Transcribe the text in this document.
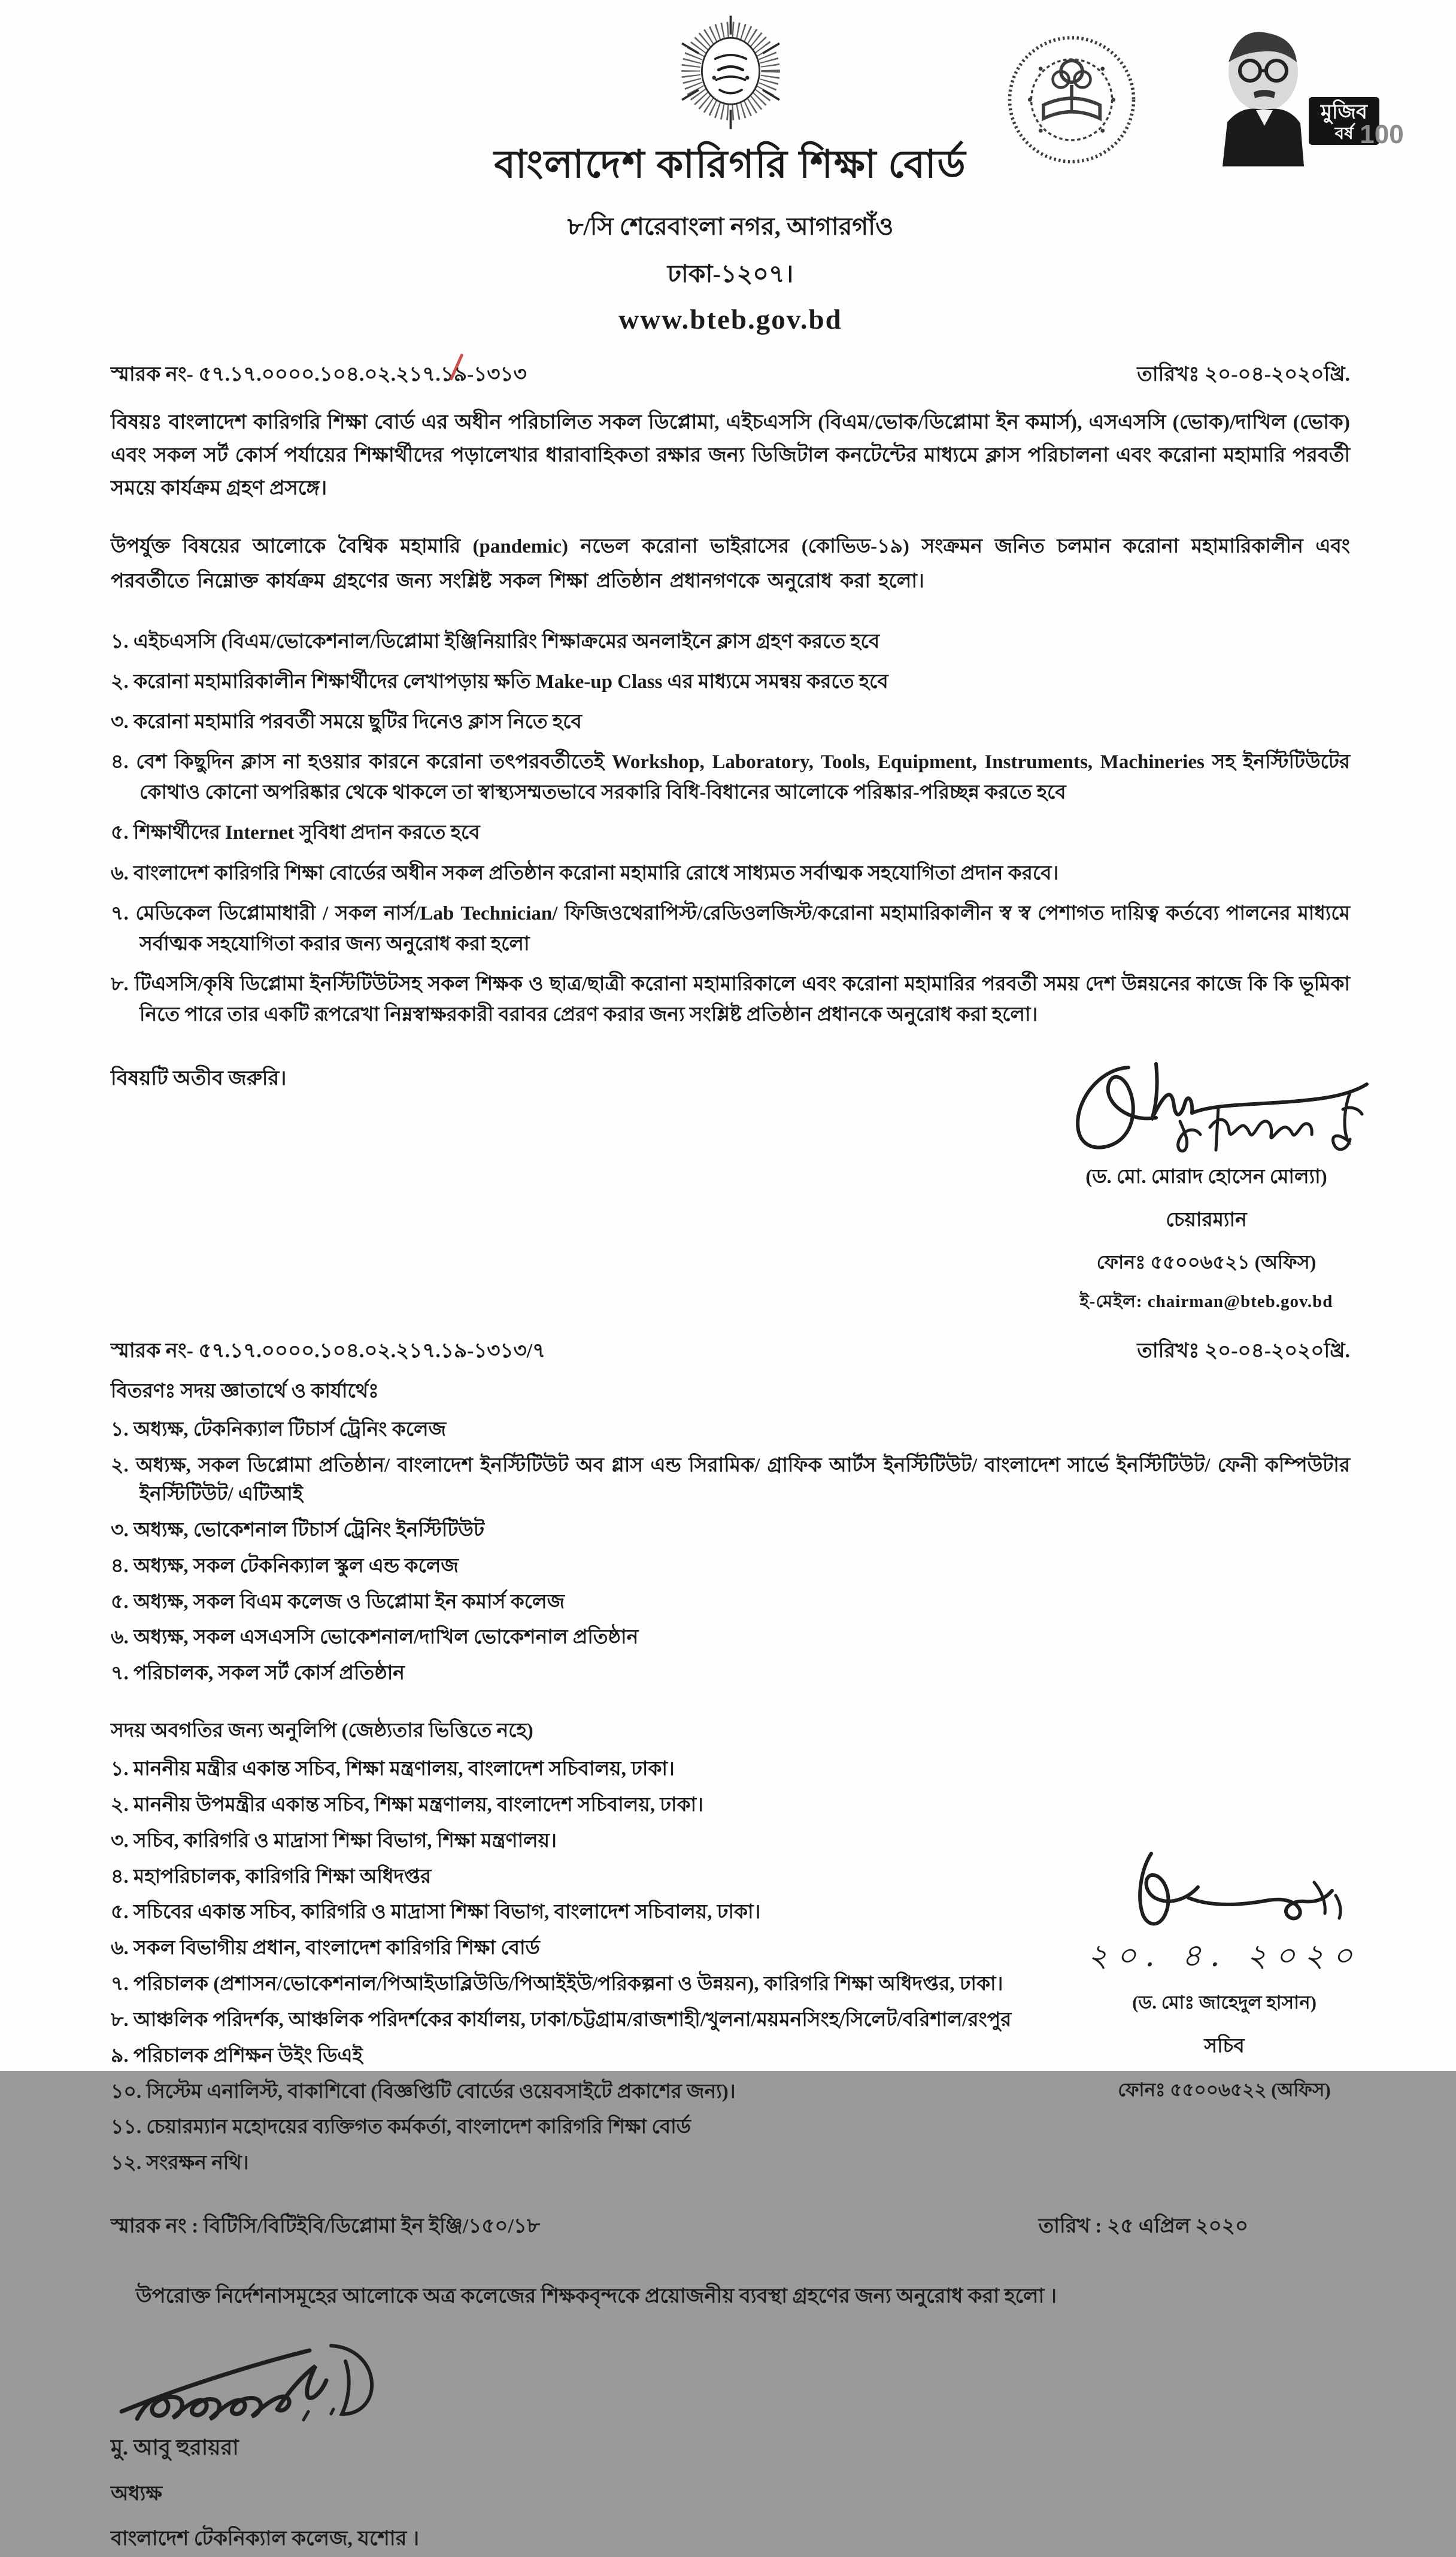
বাংলাদেশ কারিগরি শিক্ষা বোর্ড
৮/সি শেরেবাংলা নগর, আগারগাঁও
ঢাকা-১২০৭।
www.bteb.gov.bd
মুজিব
বর্ষ 100
স্মারক নং- ৫৭.১৭.০০০০.১০৪.০২.২১৭.১৯-১৩১৩	তারিখঃ ২০-০৪-২০২০খ্রি.
বিষয়ঃ বাংলাদেশ কারিগরি শিক্ষা বোর্ড এর অধীন পরিচালিত সকল ডিপ্লোমা, এইচএসসি (বিএম/ভোক/ডিপ্লোমা ইন কমার্স), এসএসসি (ভোক)/দাখিল (ভোক) এবং সকল সর্ট কোর্স পর্যায়ের শিক্ষার্থীদের পড়ালেখার ধারাবাহিকতা রক্ষার জন্য ডিজিটাল কনটেন্টের মাধ্যমে ক্লাস পরিচালনা এবং করোনা মহামারি পরবর্তী সময়ে কার্যক্রম গ্রহণ প্রসঙ্গে।
উপর্যুক্ত বিষয়ের আলোকে বৈশ্বিক মহামারি (pandemic) নভেল করোনা ভাইরাসের (কোভিড-১৯) সংক্রমন জনিত চলমান করোনা মহামারিকালীন এবং পরবর্তীতে নিম্নোক্ত কার্যক্রম গ্রহণের জন্য সংশ্লিষ্ট সকল শিক্ষা প্রতিষ্ঠান প্রধানগণকে অনুরোধ করা হলো।
১. এইচএসসি (বিএম/ভোকেশনাল/ডিপ্লোমা ইঞ্জিনিয়ারিং শিক্ষাক্রমের অনলাইনে ক্লাস গ্রহণ করতে হবে
২. করোনা মহামারিকালীন শিক্ষার্থীদের লেখাপড়ায় ক্ষতি Make-up Class এর মাধ্যমে সমন্বয় করতে হবে
৩. করোনা মহামারি পরবর্তী সময়ে ছুটির দিনেও ক্লাস নিতে হবে
৪. বেশ কিছুদিন ক্লাস না হওয়ার কারনে করোনা তৎপরবর্তীতেই Workshop, Laboratory, Tools, Equipment, Instruments, Machineries সহ ইনস্টিটিউটের কোথাও কোনো অপরিষ্কার থেকে থাকলে তা স্বাস্থ্যসম্মতভাবে সরকারি বিধি-বিধানের আলোকে পরিষ্কার-পরিচ্ছন্ন করতে হবে
৫. শিক্ষার্থীদের Internet সুবিধা প্রদান করতে হবে
৬. বাংলাদেশ কারিগরি শিক্ষা বোর্ডের অধীন সকল প্রতিষ্ঠান করোনা মহামারি রোধে সাধ্যমত সর্বাত্মক সহযোগিতা প্রদান করবে।
৭. মেডিকেল ডিপ্লোমাধারী / সকল নার্স/Lab Technician/ ফিজিওথেরাপিস্ট/রেডিওলজিস্ট/করোনা মহামারিকালীন স্ব স্ব পেশাগত দায়িত্ব কর্তব্যে পালনের মাধ্যমে সর্বাত্মক সহযোগিতা করার জন্য অনুরোধ করা হলো
৮. টিএসসি/কৃষি ডিপ্লোমা ইনস্টিটিউটসহ সকল শিক্ষক ও ছাত্র/ছাত্রী করোনা মহামারিকালে এবং করোনা মহামারির পরবর্তী সময় দেশ উন্নয়নের কাজে কি কি ভূমিকা নিতে পারে তার একটি রূপরেখা নিম্নস্বাক্ষরকারী বরাবর প্রেরণ করার জন্য সংশ্লিষ্ট প্রতিষ্ঠান প্রধানকে অনুরোধ করা হলো।
বিষয়টি অতীব জরুরি।
(ড. মো. মোরাদ হোসেন মোল্যা)
চেয়ারম্যান
ফোনঃ ৫৫০০৬৫২১ (অফিস)
ই-মেইল: chairman@bteb.gov.bd
স্মারক নং- ৫৭.১৭.০০০০.১০৪.০২.২১৭.১৯-১৩১৩/৭	তারিখঃ ২০-০৪-২০২০খ্রি.
বিতরণঃ সদয় জ্ঞাতার্থে ও কার্যার্থেঃ
১. অধ্যক্ষ, টেকনিক্যাল টিচার্স ট্রেনিং কলেজ
২. অধ্যক্ষ, সকল ডিপ্লোমা প্রতিষ্ঠান/ বাংলাদেশ ইনস্টিটিউট অব গ্লাস এন্ড সিরামিক/ গ্রাফিক আর্টস ইনস্টিটিউট/ বাংলাদেশ সার্ভে ইনস্টিটিউট/ ফেনী কম্পিউটার ইনস্টিটিউট/ এটিআই
৩. অধ্যক্ষ, ভোকেশনাল টিচার্স ট্রেনিং ইনস্টিটিউট
৪. অধ্যক্ষ, সকল টেকনিক্যাল স্কুল এন্ড কলেজ
৫. অধ্যক্ষ, সকল বিএম কলেজ ও ডিপ্লোমা ইন কমার্স কলেজ
৬. অধ্যক্ষ, সকল এসএসসি ভোকেশনাল/দাখিল ভোকেশনাল প্রতিষ্ঠান
৭. পরিচালক, সকল সর্ট কোর্স প্রতিষ্ঠান
সদয় অবগতির জন্য অনুলিপি (জেষ্ঠ্যতার ভিত্তিতে নহে)
১. মাননীয় মন্ত্রীর একান্ত সচিব, শিক্ষা মন্ত্রণালয়, বাংলাদেশ সচিবালয়, ঢাকা।
২. মাননীয় উপমন্ত্রীর একান্ত সচিব, শিক্ষা মন্ত্রণালয়, বাংলাদেশ সচিবালয়, ঢাকা।
৩. সচিব, কারিগরি ও মাদ্রাসা শিক্ষা বিভাগ, শিক্ষা মন্ত্রণালয়।
৪. মহাপরিচালক, কারিগরি শিক্ষা অধিদপ্তর
৫. সচিবের একান্ত সচিব, কারিগরি ও মাদ্রাসা শিক্ষা বিভাগ, বাংলাদেশ সচিবালয়, ঢাকা।
৬. সকল বিভাগীয় প্রধান, বাংলাদেশ কারিগরি শিক্ষা বোর্ড
৭. পরিচালক (প্রশাসন/ভোকেশনাল/পিআইডাব্লিউডি/পিআইইউ/পরিকল্পনা ও উন্নয়ন), কারিগরি শিক্ষা অধিদপ্তর, ঢাকা।
৮. আঞ্চলিক পরিদর্শক, আঞ্চলিক পরিদর্শকের কার্যালয়, ঢাকা/চট্টগ্রাম/রাজশাহী/খুলনা/ময়মনসিংহ/সিলেট/বরিশাল/রংপুর
৯. পরিচালক প্রশিক্ষন উইং ডিএই
১০. সিস্টেম এনালিস্ট, বাকাশিবো (বিজ্ঞপ্তিটি বোর্ডের ওয়েবসাইটে প্রকাশের জন্য)।
১১. চেয়ারম্যান মহোদয়ের ব্যক্তিগত কর্মকর্তা, বাংলাদেশ কারিগরি শিক্ষা বোর্ড
১২. সংরক্ষন নথি।
২০. ৪. ২০২০
(ড. মোঃ জাহেদুল হাসান)
সচিব
ফোনঃ ৫৫০০৬৫২২ (অফিস)
স্মারক নং : বিটিসি/বিটিইবি/ডিপ্লোমা ইন ইঞ্জি/১৫০/১৮	তারিখ : ২৫ এপ্রিল ২০২০
উপরোক্ত নির্দেশনাসমূহের আলোকে অত্র কলেজের শিক্ষকবৃন্দকে প্রয়োজনীয় ব্যবস্থা গ্রহণের জন্য অনুরোধ করা হলো ।
মু. আবু হুরায়রা
অধ্যক্ষ
বাংলাদেশ টেকনিক্যাল কলেজ, যশোর ।
